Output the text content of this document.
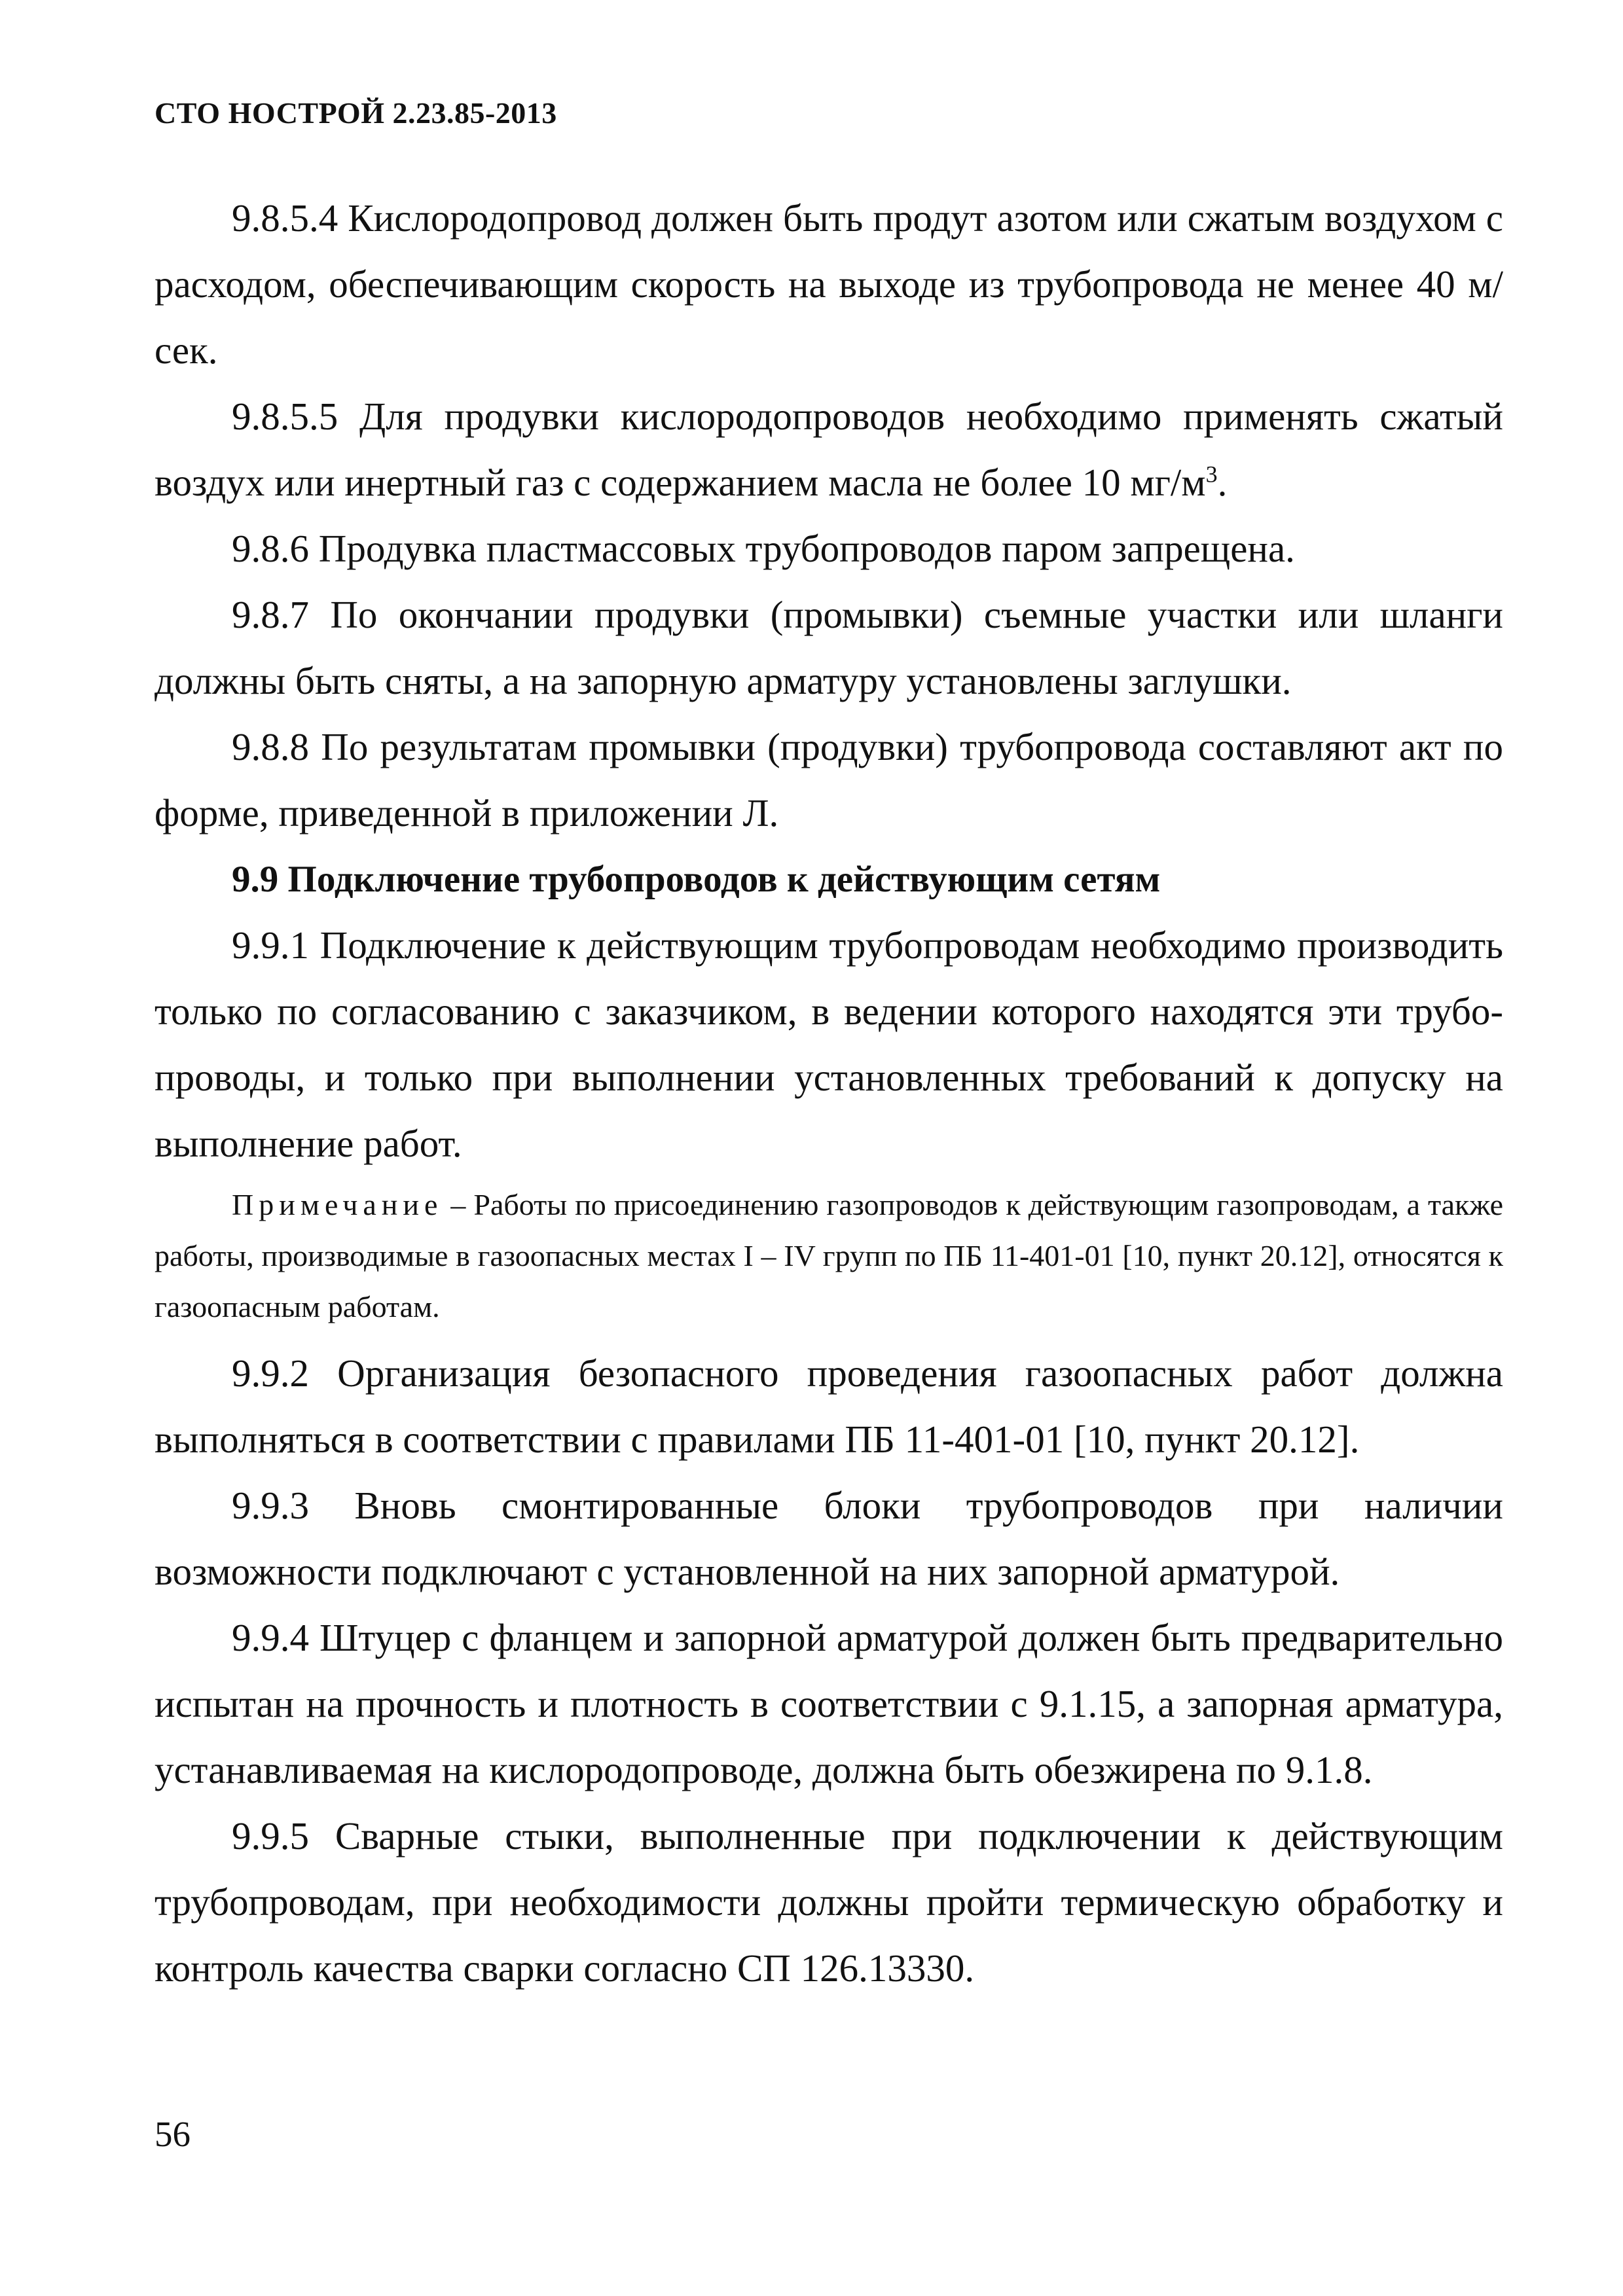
СТО НОСТРОЙ 2.23.85-2013

9.8.5.4 Кислородопровод должен быть продут азотом или сжатым воздухом с расходом, обеспечивающим скорость на выходе из трубопровода не менее 40 м/сек.

9.8.5.5 Для продувки кислородопроводов необходимо применять сжатый воздух или инертный газ с содержанием масла не более 10 $мг/м^3$.

9.8.6 Продувка пластмассовых трубопроводов паром запрещена.

9.8.7 По окончании продувки (промывки) съемные участки или шланги должны быть сняты, а на запорную арматуру установлены заглушки.

9.8.8 По результатам промывки (продувки) трубопровода составляют акт по форме, приведенной в приложении Л.

9.9 Подключение трубопроводов к действующим сетям

9.9.1 Подключение к действующим трубопроводам необходимо производить только по согласованию с заказчиком, в ведении которого находятся эти трубопроводы, и только при выполнении установленных требований к допуску на выполнение работ.

Примечание – Работы по присоединению газопроводов к действующим газопроводам, а также работы, производимые в газоопасных местах I – IV групп по ПБ 11-401-01 [10, пункт 20.12], относятся к газоопасным работам.

9.9.2 Организация безопасного проведения газоопасных работ должна выполняться в соответствии с правилами ПБ 11-401-01 [10, пункт 20.12].

9.9.3 Вновь смонтированные блоки трубопроводов при наличии возможности подключают с установленной на них запорной арматурой.

9.9.4 Штуцер с фланцем и запорной арматурой должен быть предварительно испытан на прочность и плотность в соответствии с 9.1.15, а запорная арматура, устанавливаемая на кислородопроводе, должна быть обезжирена по 9.1.8.

9.9.5 Сварные стыки, выполненные при подключении к действующим трубопроводам, при необходимости должны пройти термическую обработку и контроль качества сварки согласно СП 126.13330.

56
